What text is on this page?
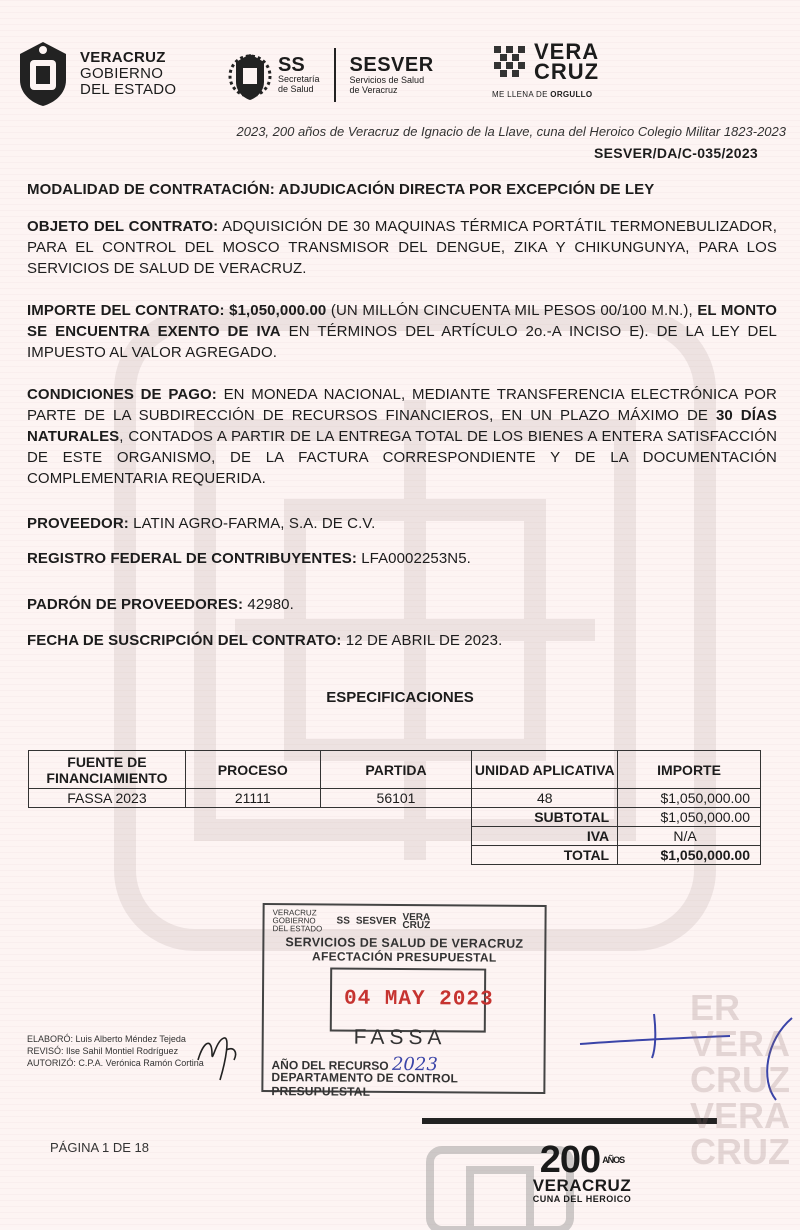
VERACRUZ
GOBIERNO
DEL ESTADO
SS
Secretaría
de Salud
SESVER
Servicios de Salud
de Veracruz
VERA
CRUZ
ME LLENA DE ORGULLO
2023, 200 años de Veracruz de Ignacio de la Llave, cuna del Heroico Colegio Militar 1823-2023
SESVER/DA/C-035/2023
MODALIDAD DE CONTRATACIÓN: ADJUDICACIÓN DIRECTA POR EXCEPCIÓN DE LEY
OBJETO DEL CONTRATO: ADQUISICIÓN DE 30 MAQUINAS TÉRMICA PORTÁTIL TERMONEBULIZADOR, PARA EL CONTROL DEL MOSCO TRANSMISOR DEL DENGUE, ZIKA Y CHIKUNGUNYA, PARA LOS SERVICIOS DE SALUD DE VERACRUZ.
IMPORTE DEL CONTRATO: $1,050,000.00 (UN MILLÓN CINCUENTA MIL PESOS 00/100 M.N.), EL MONTO SE ENCUENTRA EXENTO DE IVA EN TÉRMINOS DEL ARTÍCULO 2o.-A INCISO E). DE LA LEY DEL IMPUESTO AL VALOR AGREGADO.
CONDICIONES DE PAGO: EN MONEDA NACIONAL, MEDIANTE TRANSFERENCIA ELECTRÓNICA POR PARTE DE LA SUBDIRECCIÓN DE RECURSOS FINANCIEROS, EN UN PLAZO MÁXIMO DE 30 DÍAS NATURALES, CONTADOS A PARTIR DE LA ENTREGA TOTAL DE LOS BIENES A ENTERA SATISFACCIÓN DE ESTE ORGANISMO, DE LA FACTURA CORRESPONDIENTE Y DE LA DOCUMENTACIÓN COMPLEMENTARIA REQUERIDA.
PROVEEDOR: LATIN AGRO-FARMA, S.A. DE C.V.
REGISTRO FEDERAL DE CONTRIBUYENTES: LFA0002253N5.
PADRÓN DE PROVEEDORES: 42980.
FECHA DE SUSCRIPCIÓN DEL CONTRATO: 12 DE ABRIL DE 2023.
ESPECIFICACIONES
FUENTE DE FINANCIAMIENTO	PROCESO	PARTIDA	UNIDAD APLICATIVA	IMPORTE
FASSA 2023	21111	56101	48	$1,050,000.00
			SUBTOTAL	$1,050,000.00
			IVA	N/A
			TOTAL	$1,050,000.00
VERACRUZ GOBIERNO DEL ESTADO
SS SESVER VERA CRUZ
SERVICIOS DE SALUD DE VERACRUZ
AFECTACIÓN PRESUPUESTAL
04 MAY 2023
FASSA
AÑO DEL RECURSO 2023
DEPARTAMENTO DE CONTROL PRESUPUESTAL
ELABORÓ: Luis Alberto Méndez Tejeda
REVISÓ: Ilse Sahil Montiel Rodríguez
AUTORIZÓ: C.P.A. Verónica Ramón Cortina
PÁGINA 1 DE 18	200 $^{AÑOS}$
VERACRUZ
CUNA DEL HEROICO
ER
VERA
CRUZ
VERA
CRUZ
